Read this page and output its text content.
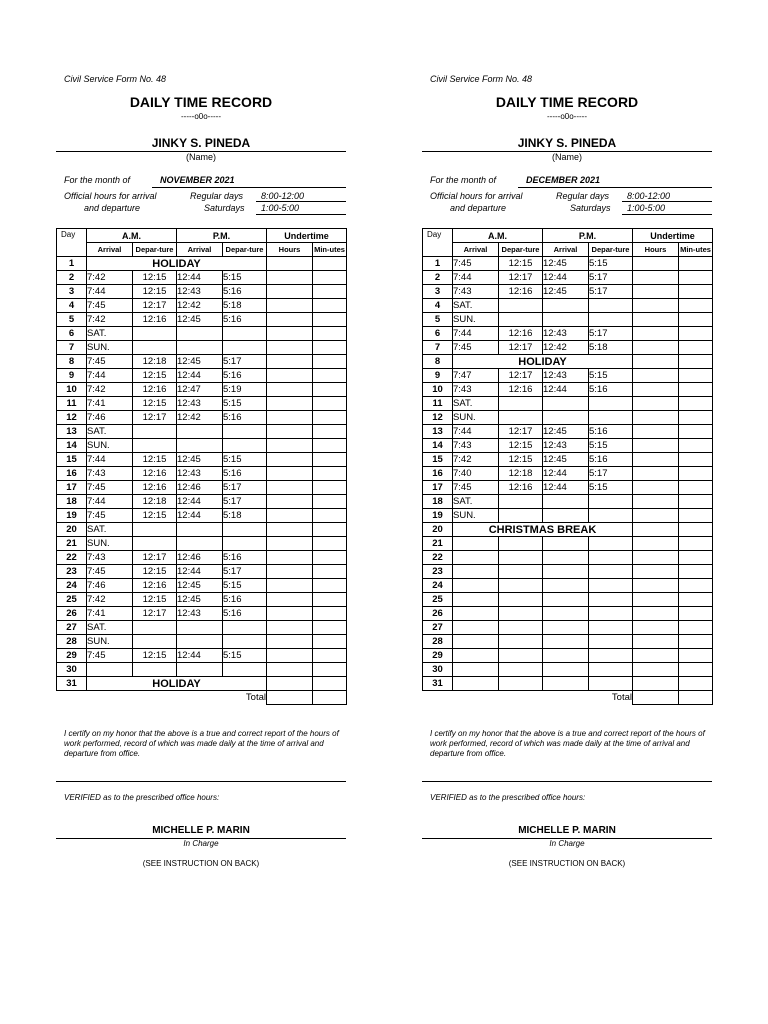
Civil Service Form No. 48
DAILY TIME RECORD
-----o0o-----
JINKY S. PINEDA
(Name)
For the month of	NOVEMBER 2021
Official hours for arrival
and departure
Regular days 8:00-12:00
Saturdays 1:00-5:00
Day	A.M.		P.M.		Undertime	
	Arrival	Depar-ture	Arrival	Depar-ture	Hours	Min-utes
1	HOLIDAY					
2	7:42	12:15	12:44	5:15		
3	7:44	12:15	12:43	5:16		
4	7:45	12:17	12:42	5:18		
5	7:42	12:16	12:45	5:16		
6	SAT.					
7	SUN.					
8	7:45	12:18	12:45	5:17		
9	7:44	12:15	12:44	5:16		
10	7:42	12:16	12:47	5:19		
11	7:41	12:15	12:43	5:15		
12	7:46	12:17	12:42	5:16		
13	SAT.					
14	SUN.					
15	7:44	12:15	12:45	5:15		
16	7:43	12:16	12:43	5:16		
17	7:45	12:16	12:46	5:17		
18	7:44	12:18	12:44	5:17		
19	7:45	12:15	12:44	5:18		
20	SAT.					
21	SUN.					
22	7:43	12:17	12:46	5:16		
23	7:45	12:15	12:44	5:17		
24	7:46	12:16	12:45	5:15		
25	7:42	12:15	12:45	5:16		
26	7:41	12:17	12:43	5:16		
27	SAT.					
28	SUN.					
29	7:45	12:15	12:44	5:15		
30						
31	HOLIDAY					
Total						
I certify on my honor that the above is a true and correct report of the hours of work performed, record of which was made daily at the time of arrival and departure from office.
VERIFIED as to the prescribed office hours:
MICHELLE P. MARIN
In Charge
(SEE INSTRUCTION ON BACK)
Civil Service Form No. 48
DAILY TIME RECORD
-----o0o-----
JINKY S. PINEDA
(Name)
For the month of	DECEMBER 2021
Official hours for arrival
and departure
Regular days 8:00-12:00
Saturdays 1:00-5:00
Day	A.M.		P.M.		Undertime	
	Arrival	Depar-ture	Arrival	Depar-ture	Hours	Min-utes
1	7:45	12:15	12:45	5:15		
2	7:44	12:17	12:44	5:17		
3	7:43	12:16	12:45	5:17		
4	SAT.					
5	SUN.					
6	7:44	12:16	12:43	5:17		
7	7:45	12:17	12:42	5:18		
8	HOLIDAY					
9	7:47	12:17	12:43	5:15		
10	7:43	12:16	12:44	5:16		
11	SAT.					
12	SUN.					
13	7:44	12:17	12:45	5:16		
14	7:43	12:15	12:43	5:15		
15	7:42	12:15	12:45	5:16		
16	7:40	12:18	12:44	5:17		
17	7:45	12:16	12:44	5:15		
18	SAT.					
19	SUN.					
20	CHRISTMAS BREAK					
21						
22						
23						
24						
25						
26						
27						
28						
29						
30						
31						
Total						
I certify on my honor that the above is a true and correct report of the hours of work performed, record of which was made daily at the time of arrival and departure from office.
VERIFIED as to the prescribed office hours:
MICHELLE P. MARIN
In Charge
(SEE INSTRUCTION ON BACK)
